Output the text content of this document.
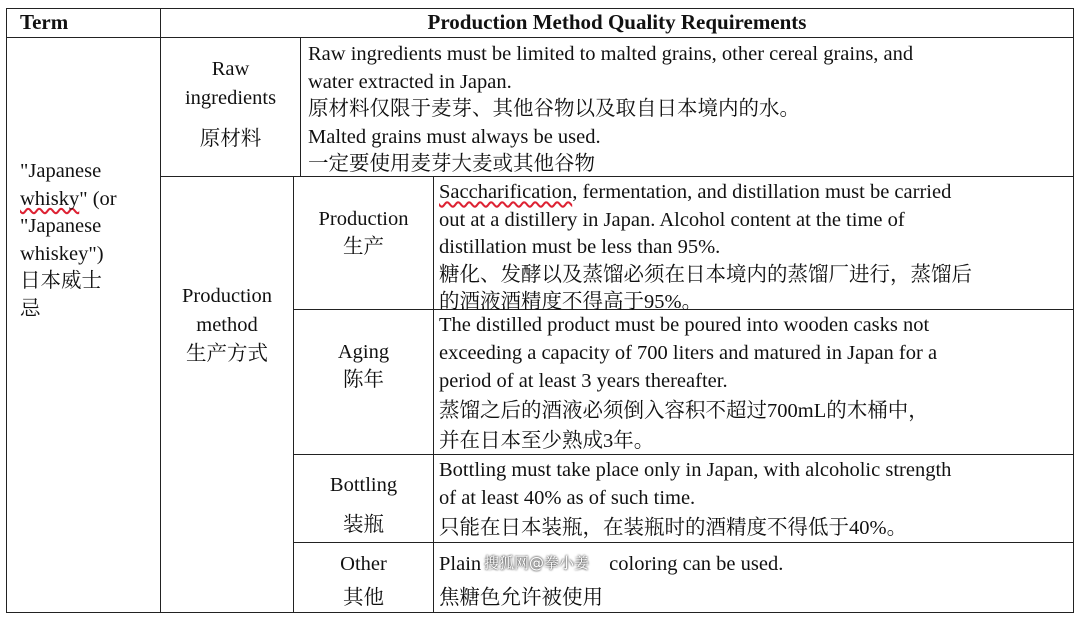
Term	Production Method Quality Requirements
"Japanese
whisky" (or
"Japanese
whiskey")
日本威士
忌
Raw
ingredients
原材料
Raw ingredients must be limited to malted grains, other cereal grains, and
water extracted in Japan.
原材料仅限于麦芽、其他谷物以及取自日本境内的水。
Malted grains must always be used.
一定要使用麦芽大麦或其他谷物
Production
method
生产方式
Production
生产
Saccharification, fermentation, and distillation must be carried
out at a distillery in Japan. Alcohol content at the time of
distillation must be less than 95%.
糖化、发酵以及蒸馏必须在日本境内的蒸馏厂进行，蒸馏后
的酒液酒精度不得高于95%。
Aging
陈年
The distilled product must be poured into wooden casks not
exceeding a capacity of 700 liters and matured in Japan for a
period of at least 3 years thereafter.
蒸馏之后的酒液必须倒入容积不超过700mL的木桶中，
并在日本至少熟成3年。
Bottling
装瓶
Bottling must take place only in Japan, with alcoholic strength
of at least 40% as of such time.
只能在日本装瓶，在装瓶时的酒精度不得低于40%。
Other
其他
Plain	coloring can be used.
焦糖色允许被使用
搜狐网@拳小姜
